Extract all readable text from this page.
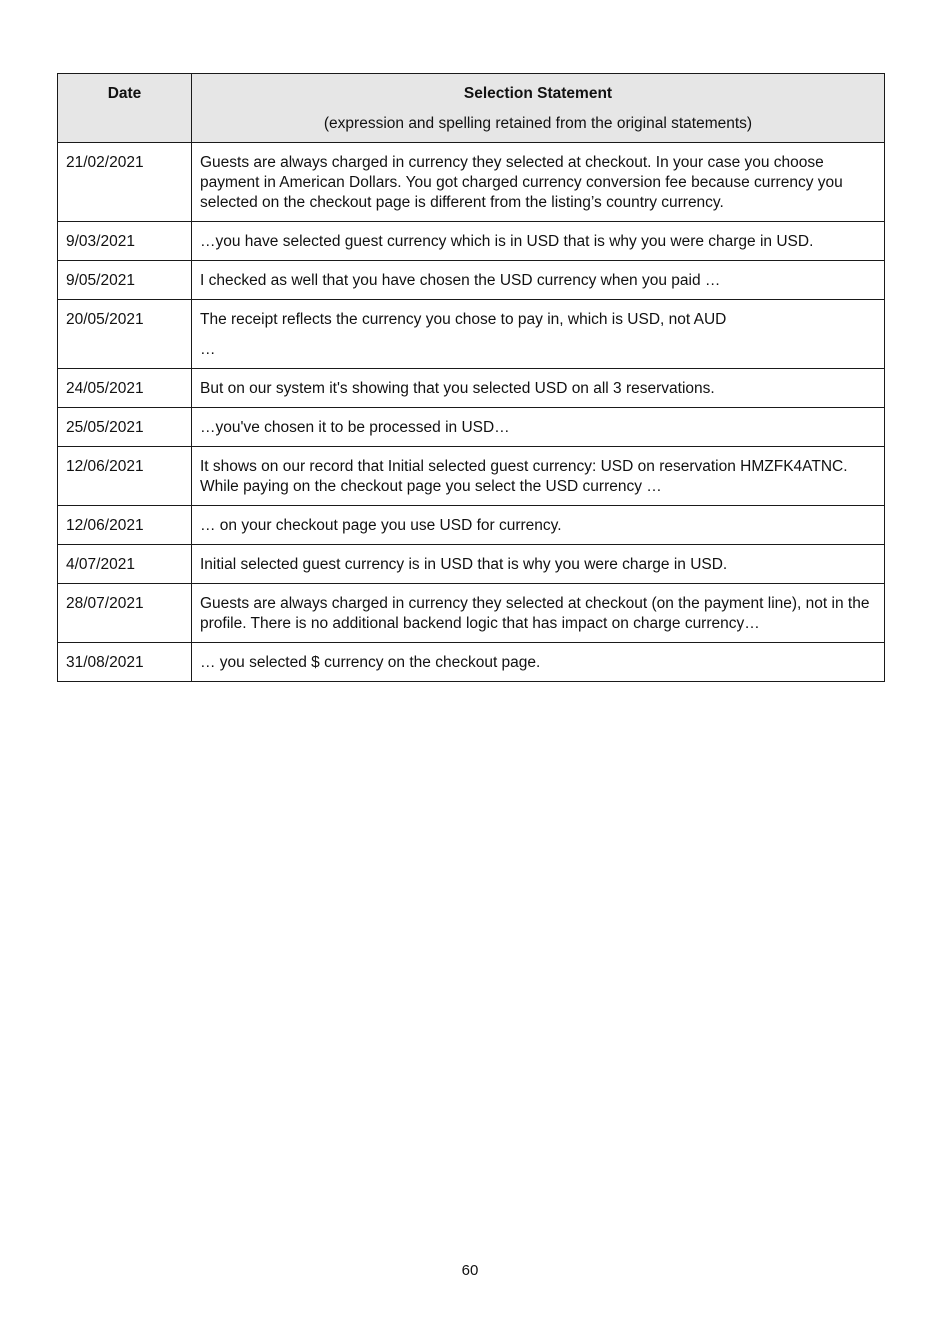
Date	Selection Statement
(expression and spelling retained from the original statements)

21/02/2021	Guests are always charged in currency they selected at checkout. In your case you choose payment in American Dollars. You got charged currency conversion fee because currency you selected on the checkout page is different from the listing’s country currency.
9/03/2021	…you have selected guest currency which is in USD that is why you were charge in USD.
9/05/2021	I checked as well that you have chosen the USD currency when you paid …
20/05/2021	The receipt reflects the currency you chose to pay in, which is USD, not AUD
…

24/05/2021	But on our system it's showing that you selected USD on all 3 reservations.
25/05/2021	…you've chosen it to be processed in USD…
12/06/2021	It shows on our record that Initial selected guest currency: USD on reservation HMZFK4ATNC. While paying on the checkout page you select the USD currency …
12/06/2021	… on your checkout page you use USD for currency.
4/07/2021	Initial selected guest currency is in USD that is why you were charge in USD.
28/07/2021	Guests are always charged in currency they selected at checkout (on the payment line), not in the profile. There is no additional backend logic that has impact on charge currency…
31/08/2021	… you selected $ currency on the checkout page.
60
